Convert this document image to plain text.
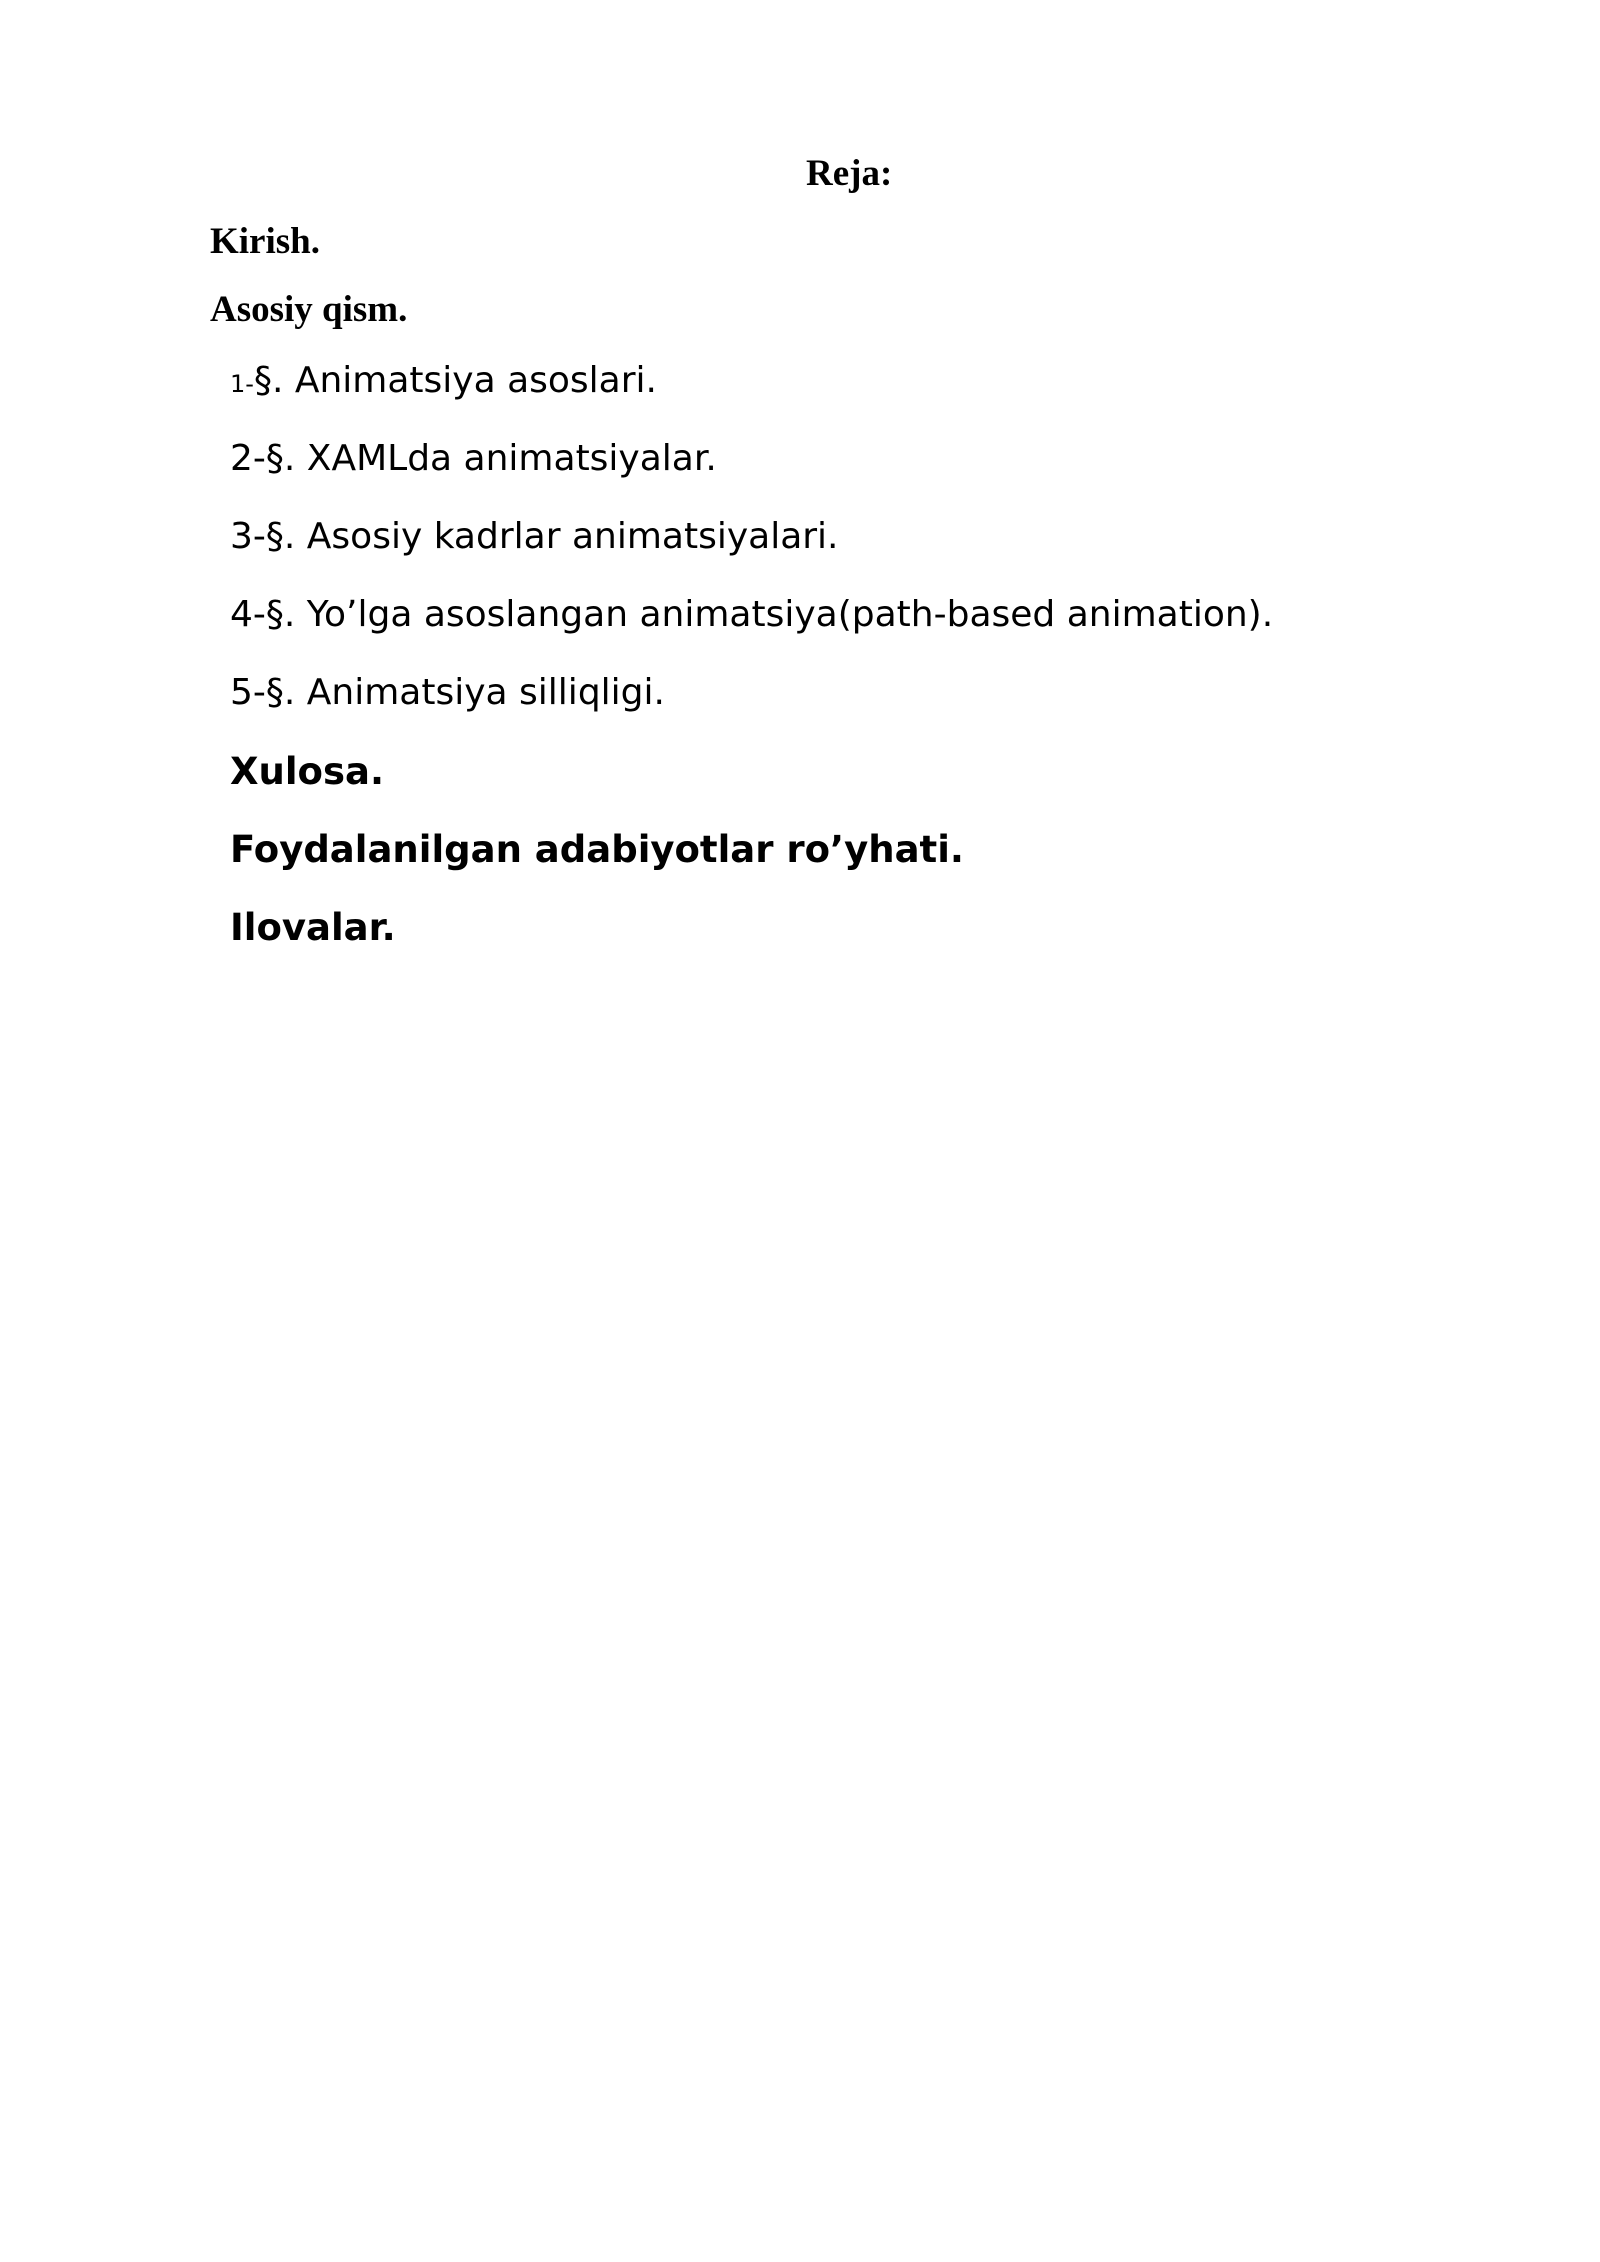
Reja:
Kirish.
Asosiy qism.
1-§. Animatsiya asoslari.
2-§. XAMLda animatsiyalar.
3-§. Asosiy kadrlar animatsiyalari.
4-§. Yo’lga asoslangan animatsiya(path-based animation).
5-§. Animatsiya silliqligi.
Xulosa.
Foydalanilgan adabiyotlar ro’yhati.
Ilovalar.
